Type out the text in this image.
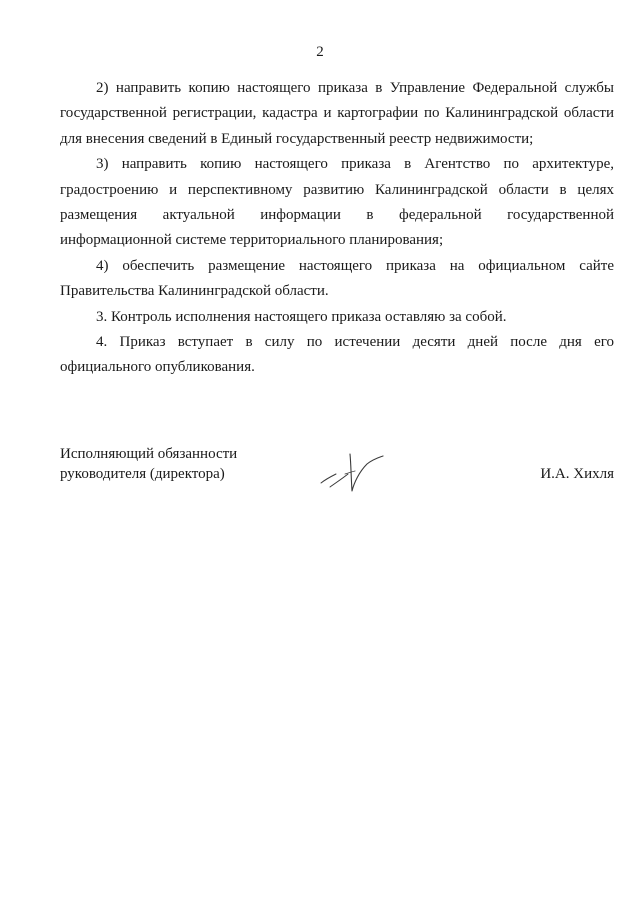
2

2) направить копию настоящего приказа в Управление Федеральной службы государственной регистрации, кадастра и картографии по Калининградской области для внесения сведений в Единый государственный реестр недвижимости;

3) направить копию настоящего приказа в Агентство по архитектуре, градостроению и перспективному развитию Калининградской области в целях размещения актуальной информации в федеральной государственной информационной системе территориального планирования;

4) обеспечить размещение настоящего приказа на официальном сайте Правительства Калининградской области.

3. Контроль исполнения настоящего приказа оставляю за собой.

4. Приказ вступает в силу по истечении десяти дней после дня его официального опубликования.

Исполняющий обязанности
руководителя (директора)	И.А. Хихля
